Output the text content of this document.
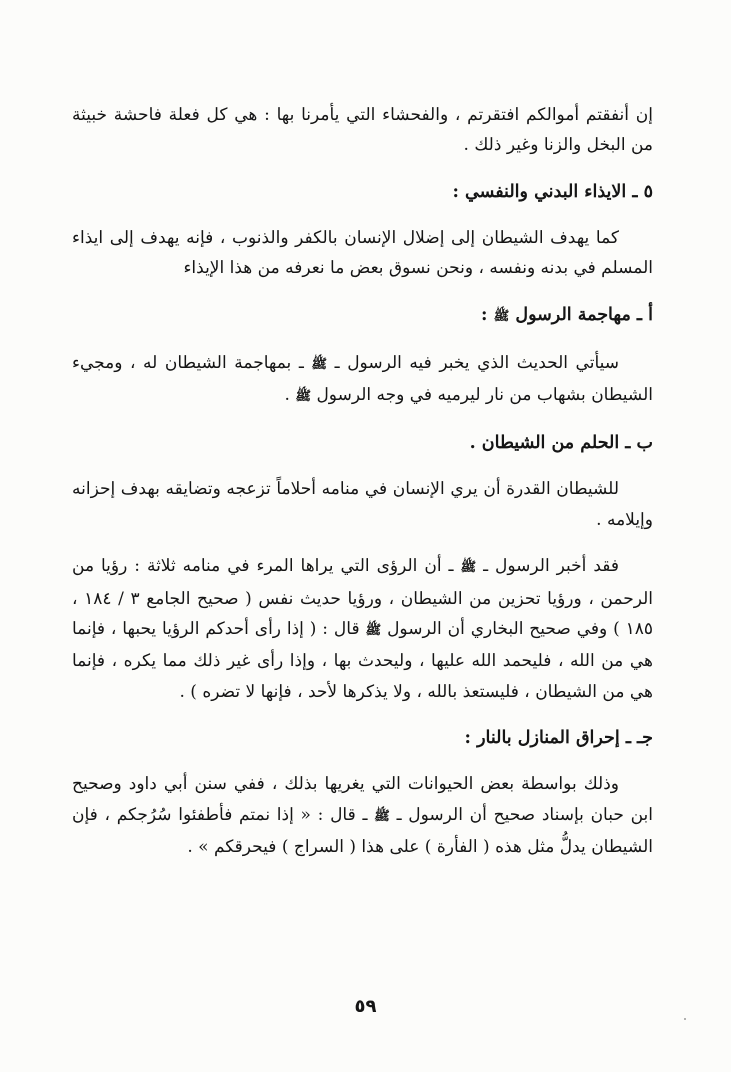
إن أنفقتم أموالكم افتقرتم ، والفحشاء التي يأمرنا بها : هي كل فعلة فاحشة خبيثة من البخل والزنا وغير ذلك .

٥ ـ الايذاء البدني والنفسي :

كما يهدف الشيطان إلى إضلال الإنسان بالكفر والذنوب ، فإنه يهدف إلى ايذاء المسلم في بدنه ونفسه ، ونحن نسوق بعض ما نعرفه من هذا الإيذاء

أ ـ مهاجمة الرسول ﷺ :

سيأتي الحديث الذي يخبر فيه الرسول ـ ﷺ ـ بمهاجمة الشيطان له ، ومجيء الشيطان بشهاب من نار ليرميه في وجه الرسول ﷺ .

ب ـ الحلم من الشيطان .

للشيطان القدرة أن يري الإنسان في منامه أحلاماً تزعجه وتضايقه بهدف إحزانه وإيلامه .

فقد أخبر الرسول ـ ﷺ ـ أن الرؤى التي يراها المرء في منامه ثلاثة : رؤيا من الرحمن ، ورؤيا تحزين من الشيطان ، ورؤيا حديث نفس ( صحيح الجامع ٣ / ١٨٤ ، ١٨٥ ) وفي صحيح البخاري أن الرسول ﷺ قال : ( إذا رأى أحدكم الرؤيا يحبها ، فإنما هي من الله ، فليحمد الله عليها ، وليحدث بها ، وإذا رأى غير ذلك مما يكره ، فإنما هي من الشيطان ، فليستعذ بالله ، ولا يذكرها لأحد ، فإنها لا تضره ) .

جـ ـ إحراق المنازل بالنار :

وذلك بواسطة بعض الحيوانات التي يغريها بذلك ، ففي سنن أبي داود وصحيح ابن حبان بإسناد صحيح أن الرسول ـ ﷺ ـ قال : « إذا نمتم فأطفئوا سُرُجكم ، فإن الشيطان يدلُّ مثل هذه ( الفأرة ) على هذا ( السراج ) فيحرقكم » .

٥٩
